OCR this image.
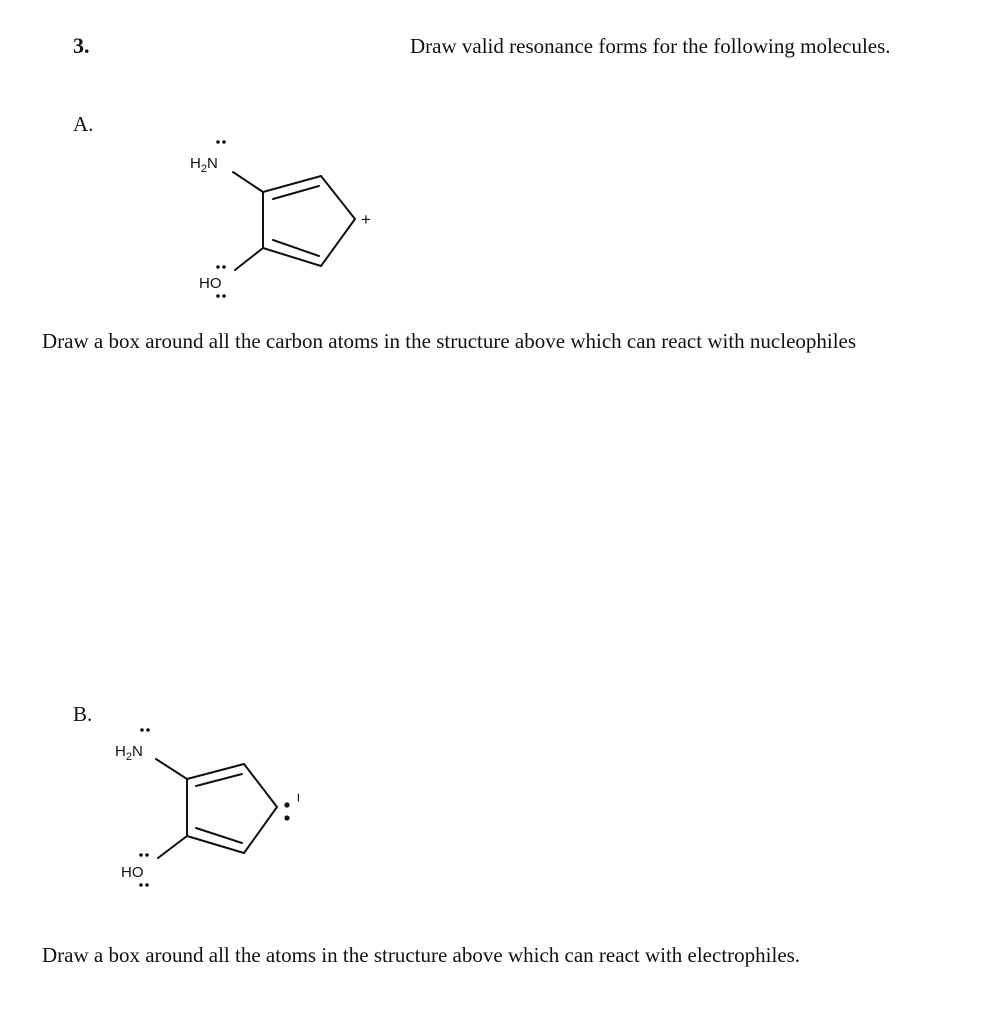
3.	Draw valid resonance forms for the following molecules.
A.
$H_2N$
HO
+
Draw a box around all the carbon atoms in the structure above which can react with nucleophiles
B.
$H_2N$
HO
−
Draw a box around all the atoms in the structure above which can react with electrophiles.
